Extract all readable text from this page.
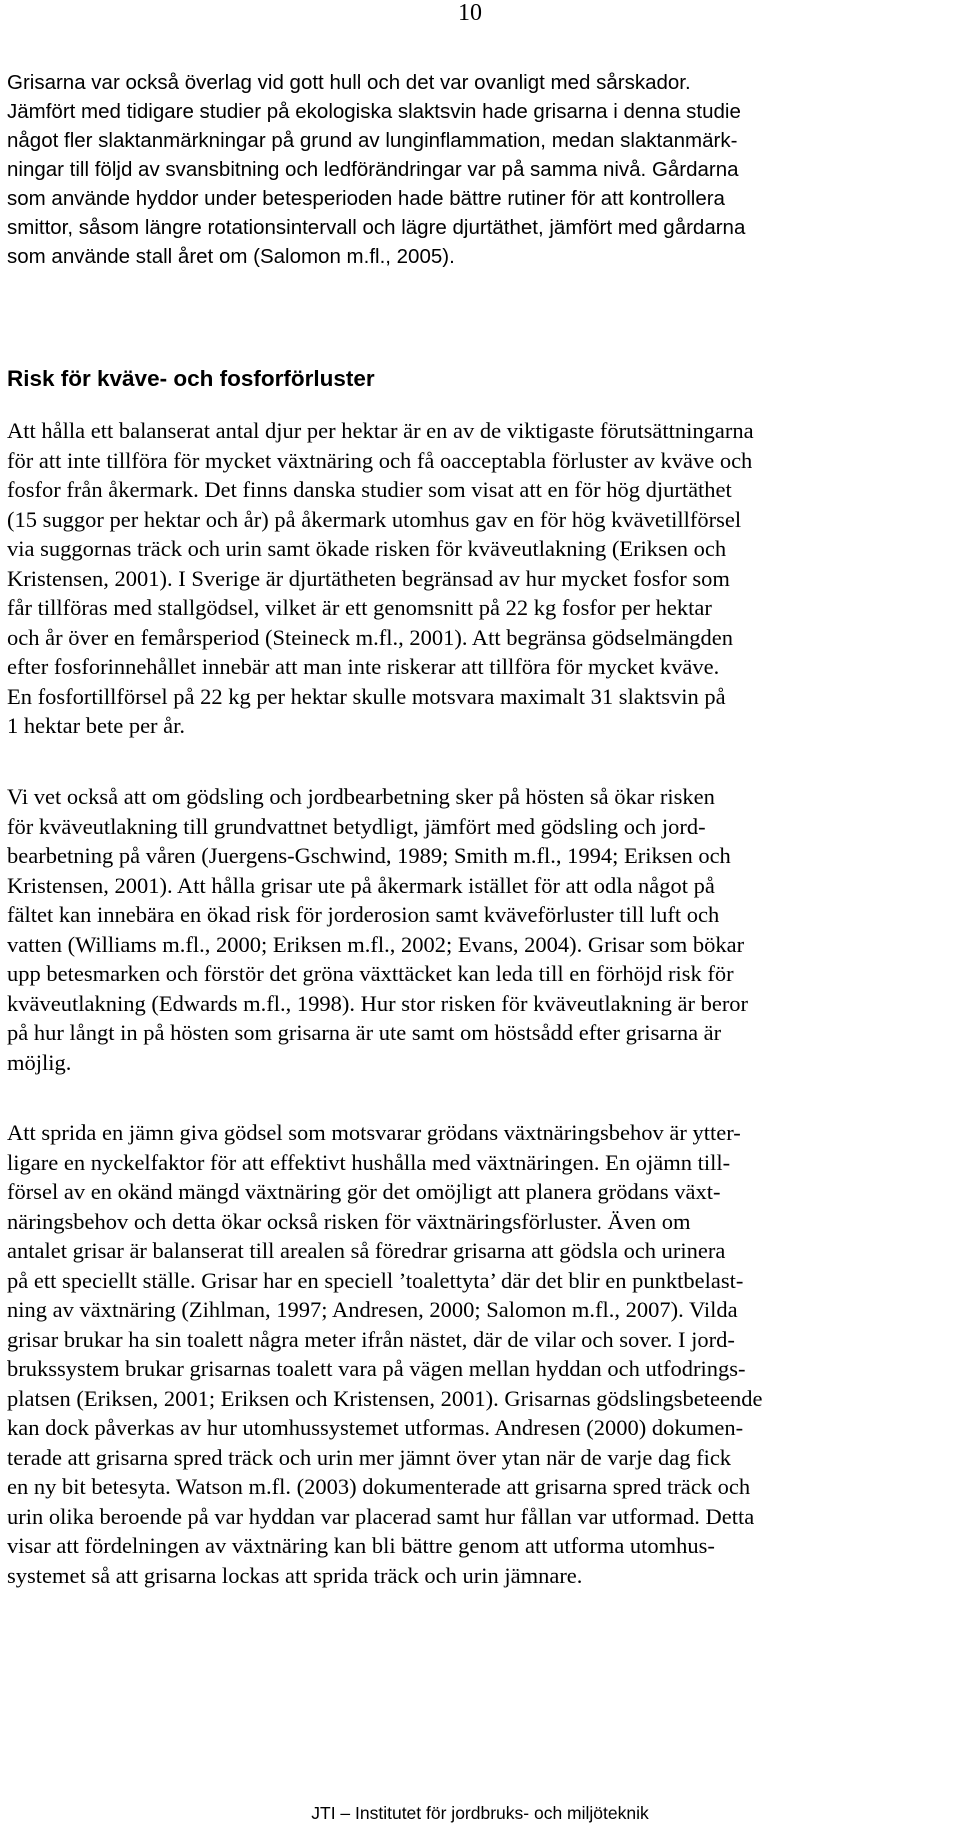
10
Grisarna var också överlag vid gott hull och det var ovanligt med sårskador.
Jämfört med tidigare studier på ekologiska slaktsvin hade grisarna i denna studie
något fler slaktanmärkningar på grund av lunginflammation, medan slaktanmärk-
ningar till följd av svansbitning och ledförändringar var på samma nivå. Gårdarna
som använde hyddor under betesperioden hade bättre rutiner för att kontrollera
smittor, såsom längre rotationsintervall och lägre djurtäthet, jämfört med gårdarna
som använde stall året om (Salomon m.fl., 2005).
Risk för kväve- och fosforförluster
Att hålla ett balanserat antal djur per hektar är en av de viktigaste förutsättningarna
för att inte tillföra för mycket växtnäring och få oacceptabla förluster av kväve och
fosfor från åkermark. Det finns danska studier som visat att en för hög djurtäthet
(15 suggor per hektar och år) på åkermark utomhus gav en för hög kvävetillförsel
via suggornas träck och urin samt ökade risken för kväveutlakning (Eriksen och
Kristensen, 2001). I Sverige är djurtätheten begränsad av hur mycket fosfor som
får tillföras med stallgödsel, vilket är ett genomsnitt på 22 kg fosfor per hektar
och år över en femårsperiod (Steineck m.fl., 2001). Att begränsa gödselmängden
efter fosforinnehållet innebär att man inte riskerar att tillföra för mycket kväve.
En fosfortillförsel på 22 kg per hektar skulle motsvara maximalt 31 slaktsvin på
1 hektar bete per år.
Vi vet också att om gödsling och jordbearbetning sker på hösten så ökar risken
för kväveutlakning till grundvattnet betydligt, jämfört med gödsling och jord-
bearbetning på våren (Juergens-Gschwind, 1989; Smith m.fl., 1994; Eriksen och
Kristensen, 2001). Att hålla grisar ute på åkermark istället för att odla något på
fältet kan innebära en ökad risk för jorderosion samt kväveförluster till luft och
vatten (Williams m.fl., 2000; Eriksen m.fl., 2002; Evans, 2004). Grisar som bökar
upp betesmarken och förstör det gröna växttäcket kan leda till en förhöjd risk för
kväveutlakning (Edwards m.fl., 1998). Hur stor risken för kväveutlakning är beror
på hur långt in på hösten som grisarna är ute samt om höstsådd efter grisarna är
möjlig.
Att sprida en jämn giva gödsel som motsvarar grödans växtnäringsbehov är ytter-
ligare en nyckelfaktor för att effektivt hushålla med växtnäringen. En ojämn till-
försel av en okänd mängd växtnäring gör det omöjligt att planera grödans växt-
näringsbehov och detta ökar också risken för växtnäringsförluster. Även om
antalet grisar är balanserat till arealen så föredrar grisarna att gödsla och urinera
på ett speciellt ställe. Grisar har en speciell ’toalettyta’ där det blir en punktbelast-
ning av växtnäring (Zihlman, 1997; Andresen, 2000; Salomon m.fl., 2007). Vilda
grisar brukar ha sin toalett några meter ifrån nästet, där de vilar och sover. I jord-
brukssystem brukar grisarnas toalett vara på vägen mellan hyddan och utfodrings-
platsen (Eriksen, 2001; Eriksen och Kristensen, 2001). Grisarnas gödslingsbeteende
kan dock påverkas av hur utomhussystemet utformas. Andresen (2000) dokumen-
terade att grisarna spred träck och urin mer jämnt över ytan när de varje dag fick
en ny bit betesyta. Watson m.fl. (2003) dokumenterade att grisarna spred träck och
urin olika beroende på var hyddan var placerad samt hur fållan var utformad. Detta
visar att fördelningen av växtnäring kan bli bättre genom att utforma utomhus-
systemet så att grisarna lockas att sprida träck och urin jämnare.
JTI – Institutet för jordbruks- och miljöteknik
